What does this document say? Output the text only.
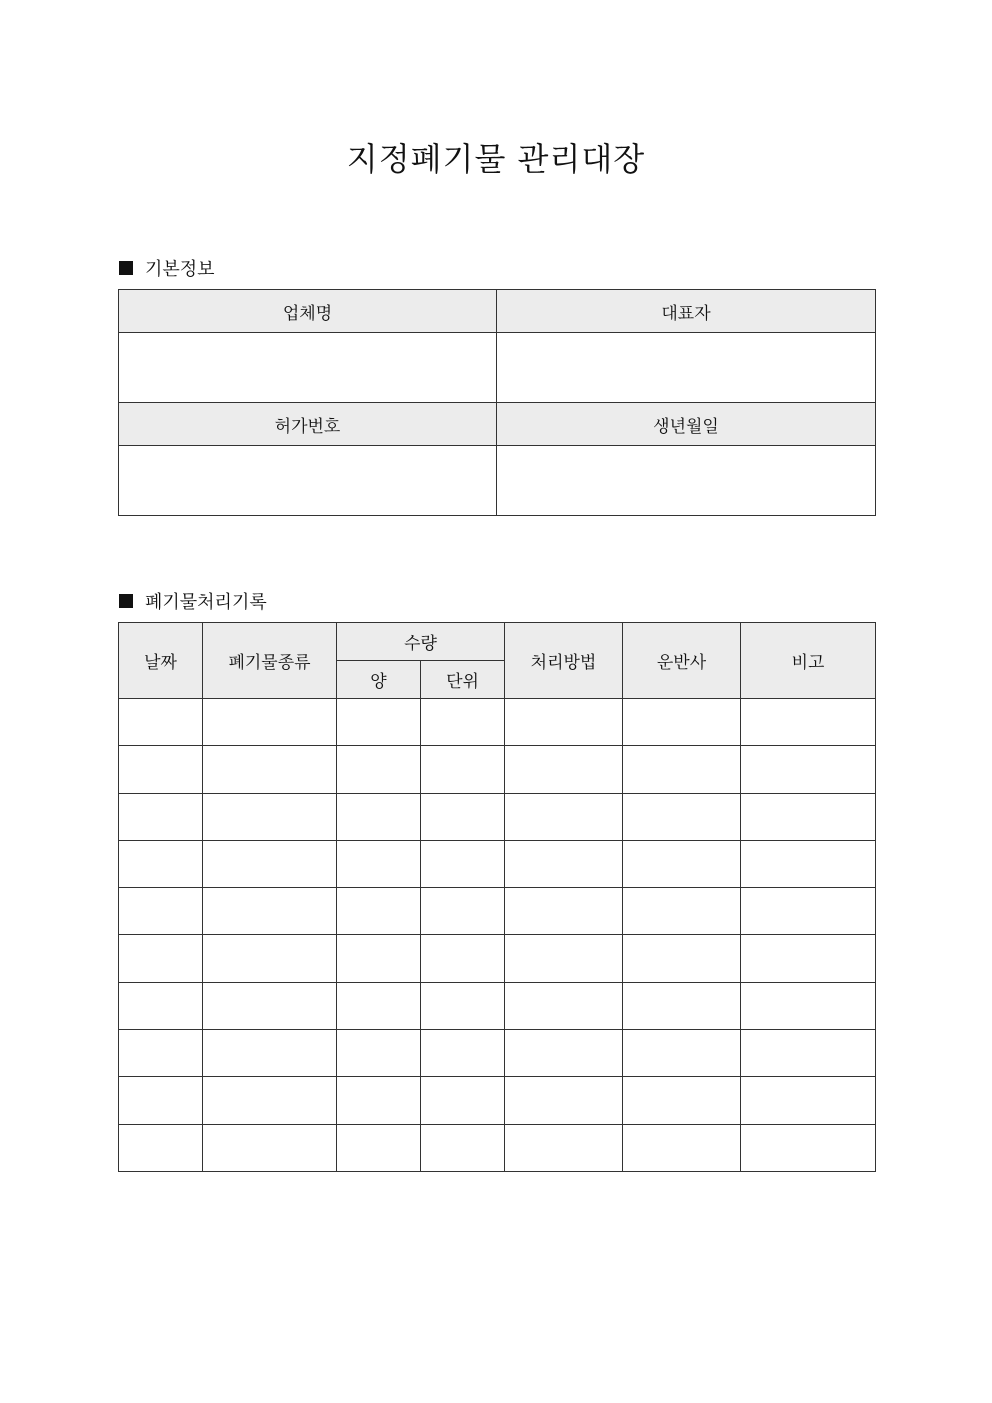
지정폐기물 관리대장
기본정보
업체명	대표자

허가번호	생년월일

폐기물처리기록
날짜	폐기물종류	수량		처리방법	운반사	비고
		양	단위			
